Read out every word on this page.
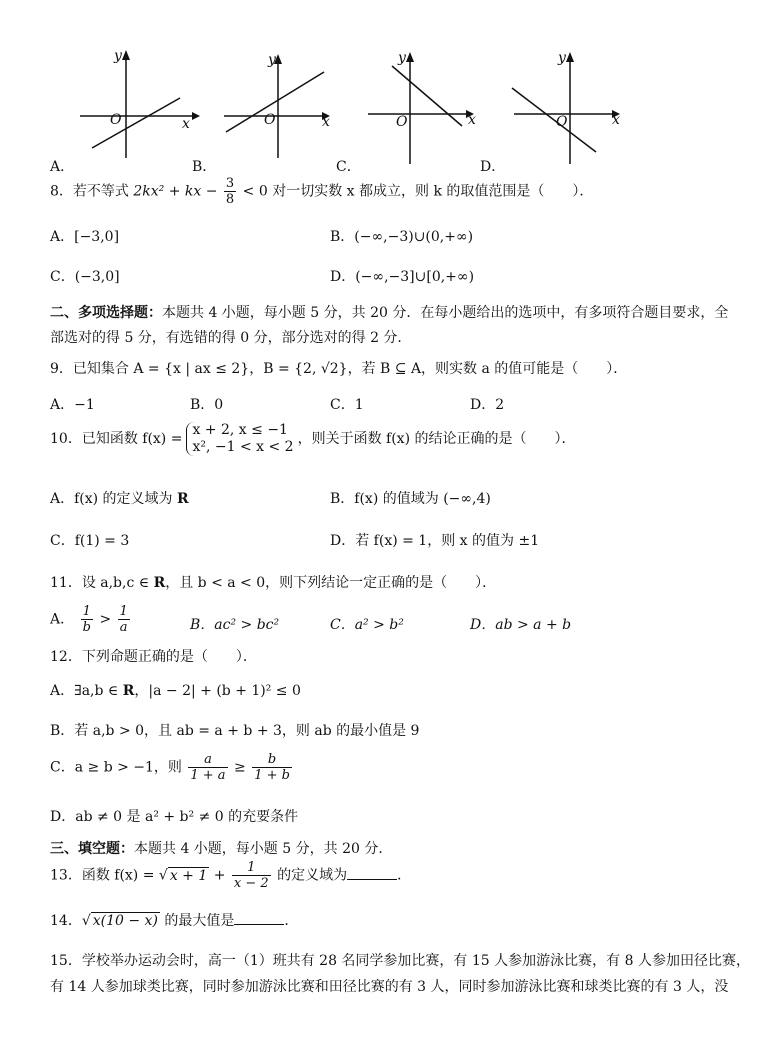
y
x
O
y
x
O
y
x
O
y
x
O
A．	B．	C．	D．
8．若不等式 2kx² + kx − $\frac{3}{8} < 0$ 对一切实数 x 都成立，则 k 的取值范围是（　　）．
A．[−3,0]	B．(−∞,−3)∪(0,+∞)
C．(−3,0]	D．(−∞,−3]∪[0,+∞)
二、多项选择题：本题共 4 小题，每小题 5 分，共 20 分．在每小题给出的选项中，有多项符合题目要求，全
部选对的得 5 分，有选错的得 0 分，部分选对的得 2 分．
9．已知集合 A = {x | ax ≤ 2}，B = {2, √2}，若 B ⊆ A，则实数 a 的值可能是（　　）．
A．−1	B．0	C．1	D．2
10．已知函数 f(x) =
x + 2, x ≤ −1
x², −1 < x < 2 ，则关于函数 f(x) 的结论正确的是（　　）．
A．f(x) 的定义域为 R	B．f(x) 的值域为 (−∞,4)
C．f(1) = 3	D．若 f(x) = 1，则 x 的值为 ±1
11．设 a,b,c ∈ R，且 b < a < 0，则下列结论一定正确的是（　　）．
A． $\frac{1}{b} > \frac{1}{a}$	B．ac² > bc²	C．a² > b²	D．ab > a + b
12．下列命题正确的是（　　）．
A．∃a,b ∈ R，|a − 2| + (b + 1)² ≤ 0
B．若 a,b > 0，且 ab = a + b + 3，则 ab 的最小值是 9
C．a ≥ b > −1，则 $\frac{a}{1 + a} \ge \frac{b}{1 + b}$
D．ab ≠ 0 是 a² + b² ≠ 0 的充要条件
三、填空题：本题共 4 小题，每小题 5 分，共 20 分．
13．函数 f(x) = √ $x + 1 + \frac{1}{x - 2}$ 的定义域为	．
14．√ x(10 − x) 的最大值是	．
15．学校举办运动会时，高一（1）班共有 28 名同学参加比赛，有 15 人参加游泳比赛，有 8 人参加田径比赛，
有 14 人参加球类比赛，同时参加游泳比赛和田径比赛的有 3 人，同时参加游泳比赛和球类比赛的有 3 人，没
